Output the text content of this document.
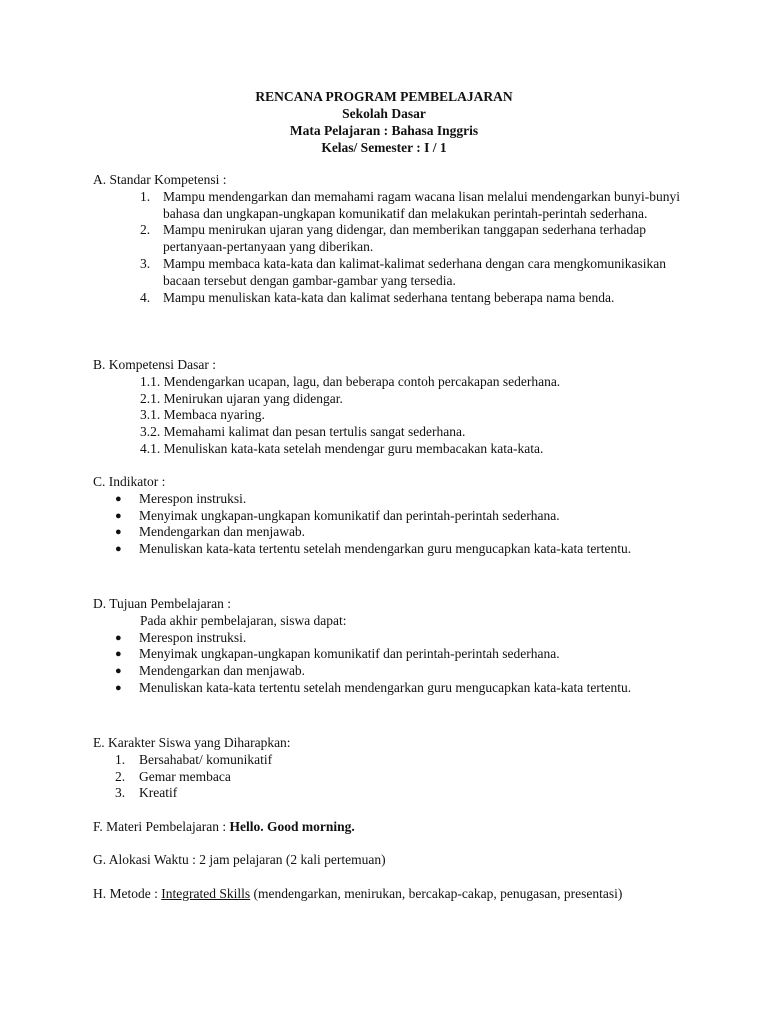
RENCANA PROGRAM PEMBELAJARAN
Sekolah Dasar
Mata Pelajaran : Bahasa Inggris
Kelas/ Semester : I / 1
A. Standar Kompetensi :
1. Mampu mendengarkan dan memahami ragam wacana lisan melalui mendengarkan bunyi-bunyi bahasa dan ungkapan-ungkapan komunikatif dan melakukan perintah-perintah sederhana.
2. Mampu menirukan ujaran yang didengar, dan memberikan tanggapan sederhana terhadap pertanyaan-pertanyaan yang diberikan.
3. Mampu membaca kata-kata dan kalimat-kalimat sederhana dengan cara mengkomunikasikan bacaan tersebut dengan gambar-gambar yang tersedia.
4. Mampu menuliskan kata-kata dan kalimat sederhana tentang beberapa nama benda.
B. Kompetensi Dasar :
1.1. Mendengarkan ucapan, lagu, dan beberapa contoh percakapan sederhana.
2.1. Menirukan ujaran yang didengar.
3.1. Membaca nyaring.
3.2. Memahami kalimat dan pesan tertulis sangat sederhana.
4.1. Menuliskan kata-kata setelah mendengar guru membacakan kata-kata.
C. Indikator :
● Merespon instruksi.
● Menyimak ungkapan-ungkapan komunikatif dan perintah-perintah sederhana.
● Mendengarkan dan menjawab.
● Menuliskan kata-kata tertentu setelah mendengarkan guru mengucapkan kata-kata tertentu.
D. Tujuan Pembelajaran :
Pada akhir pembelajaran, siswa dapat:
● Merespon instruksi.
● Menyimak ungkapan-ungkapan komunikatif dan perintah-perintah sederhana.
● Mendengarkan dan menjawab.
● Menuliskan kata-kata tertentu setelah mendengarkan guru mengucapkan kata-kata tertentu.
E. Karakter Siswa yang Diharapkan:
1. Bersahabat/ komunikatif
2. Gemar membaca
3. Kreatif
F. Materi Pembelajaran : Hello. Good morning.
G. Alokasi Waktu : 2 jam pelajaran (2 kali pertemuan)
H. Metode : Integrated Skills (mendengarkan, menirukan, bercakap-cakap, penugasan, presentasi)
